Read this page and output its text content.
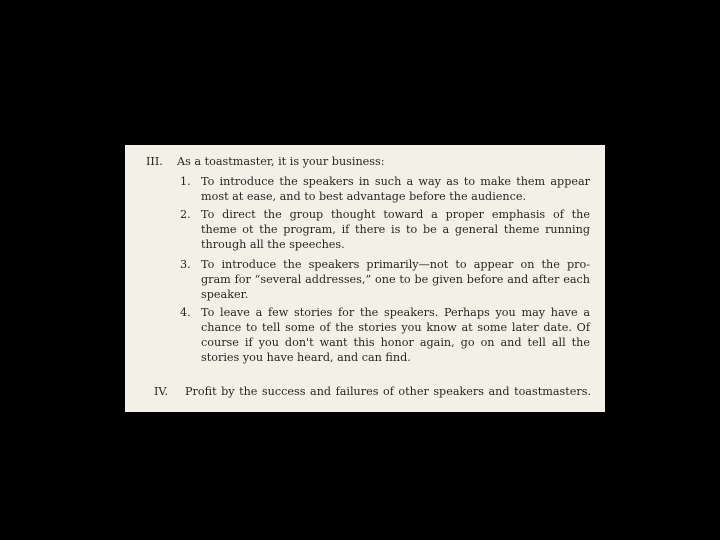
III. As a toastmaster, it is your business:
1. To introduce the speakers in such a way as to make them appear
most at ease, and to best advantage before the audience.
2. To direct the group thought toward a proper emphasis of the
theme ot the program, if there is to be a general theme running
through all the speeches.
3. To introduce the speakers primarily—not to appear on the pro-
gram for “several addresses,” one to be given before and after each
speaker.
4. To leave a few stories for the speakers. Perhaps you may have a
chance to tell some of the stories you know at some later date. Of
course if you don't want this honor again, go on and tell all the
stories you have heard, and can find.
IV. Profit by the success and failures of other speakers and toastmasters.
